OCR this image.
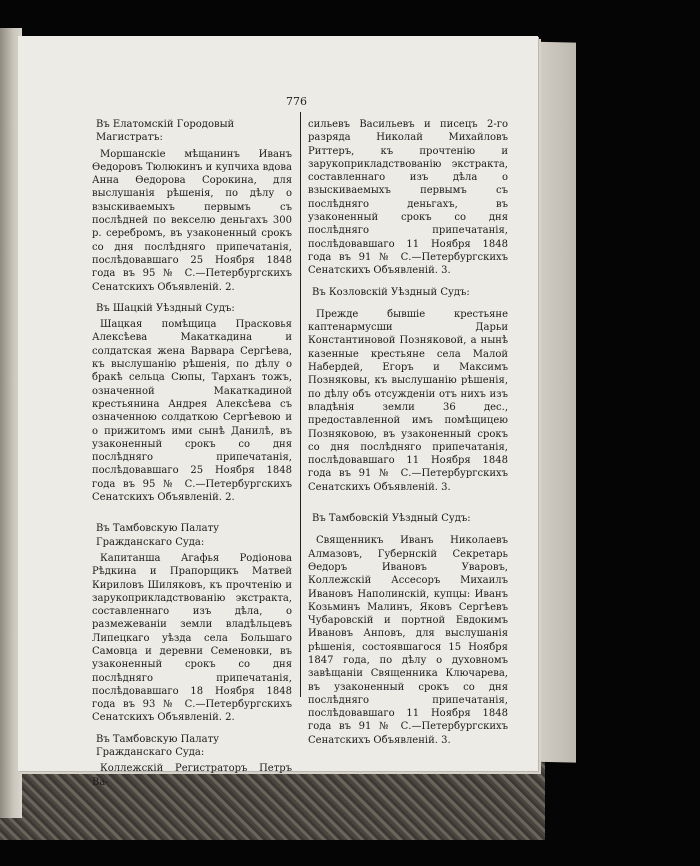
776

Въ Елатомскiй Городовый Магистратъ:

Моршанскiе мѣщанинъ Иванъ Ѳедоровъ Тюлюкинъ и купчиха вдова Анна Ѳедорова Сорокина, для выслушанiя рѣшенiя, по дѣлу о взыскиваемыхъ первымъ съ послѣдней по векселю деньгахъ 300 р. серебромъ, въ узаконенный срокъ со дня послѣдняго припечатанiя, послѣдовавшаго 25 Ноября 1848 года въ 95 № С.—Петербургскихъ Сенатскихъ Объявленiй. 2.

Въ Шацкiй Уѣздный Судъ:

Шацкая помѣщица Прасковья Алексѣева Макаткадина и солдатская жена Варвара Сергѣева, къ выслушанiю рѣшенiя, по дѣлу о бракѣ сельца Сюпы, Тарханъ тожъ, означенной Макаткадиной крестьянина Андрея Алексѣева съ означенною солдаткою Сергѣевою и о прижитомъ ими сынѣ Данилѣ, въ узаконенный срокъ со дня послѣдняго припечатанiя, послѣдовавшаго 25 Ноября 1848 года въ 95 № С.—Петербургскихъ Сенатскихъ Объявленiй. 2.

Въ Тамбовскую Палату Гражданскаго Суда:

Капитанша Агафья Родiонова Рѣдкина и Прапорщикъ Матвей Кириловъ Шиляковъ, къ прочтенiю и зарукоприкладствованiю экстракта, составленнаго изъ дѣла, о размежеванiи земли владѣльцевъ Липецкаго уѣзда села Большаго Самовца и деревни Семеновки, въ узаконенный срокъ со дня послѣдняго припечатанiя, послѣдовавшаго 18 Ноября 1848 года въ 93 № С.—Петербургскихъ Сенатскихъ Объявленiй. 2.

Въ Тамбовскую Палату Гражданскаго Суда:

Коллежскiй Регистраторъ Петръ Ва-

сильевъ Васильевъ и писецъ 2-го разряда Николай Михайловъ Риттеръ, къ прочтенiю и зарукоприкладствованiю экстракта, составленнаго изъ дѣла о взыскиваемыхъ первымъ съ послѣдняго деньгахъ, въ узаконенный срокъ со дня послѣдняго припечатанiя, послѣдовавшаго 11 Ноября 1848 года въ 91 № С.—Петербургскихъ Сенатскихъ Объявленiй. 3.

Въ Козловскiй Уѣздный Судъ:

Прежде бывшiе крестьяне каптенармусши Дарьи Константиновой Позняковой, а нынѣ казенные крестьяне села Малой Набердей, Егоръ и Максимъ Позняковы, къ выслушанiю рѣшенiя, по дѣлу объ отсужденiи отъ нихъ изъ владѣнiя земли 36 дес., предоставленной имъ помѣщицею Позняковою, въ узаконенный срокъ со дня послѣдняго припечатанiя, послѣдовавшаго 11 Ноября 1848 года въ 91 № С.—Петербургскихъ Сенатскихъ Объявленiй. 3.

Въ Тамбовскiй Уѣздный Судъ:

Священникъ Иванъ Николаевъ Алмазовъ, Губернскiй Секретарь Ѳедоръ Ивановъ Уваровъ, Коллежскiй Ассесоръ Михаилъ Ивановъ Наполинскiй, купцы: Иванъ Козьминъ Малинъ, Яковъ Сергѣевъ Чубаровскiй и портной Евдокимъ Ивановъ Анповъ, для выслушанiя рѣшенiя, состоявшагося 15 Ноября 1847 года, по дѣлу о духовномъ завѣщанiи Священника Ключарева, въ узаконенный срокъ со дня послѣдняго припечатанiя, послѣдовавшаго 11 Ноября 1848 года въ 91 № С.—Петербургскихъ Сенатскихъ Объявленiй. 3.
